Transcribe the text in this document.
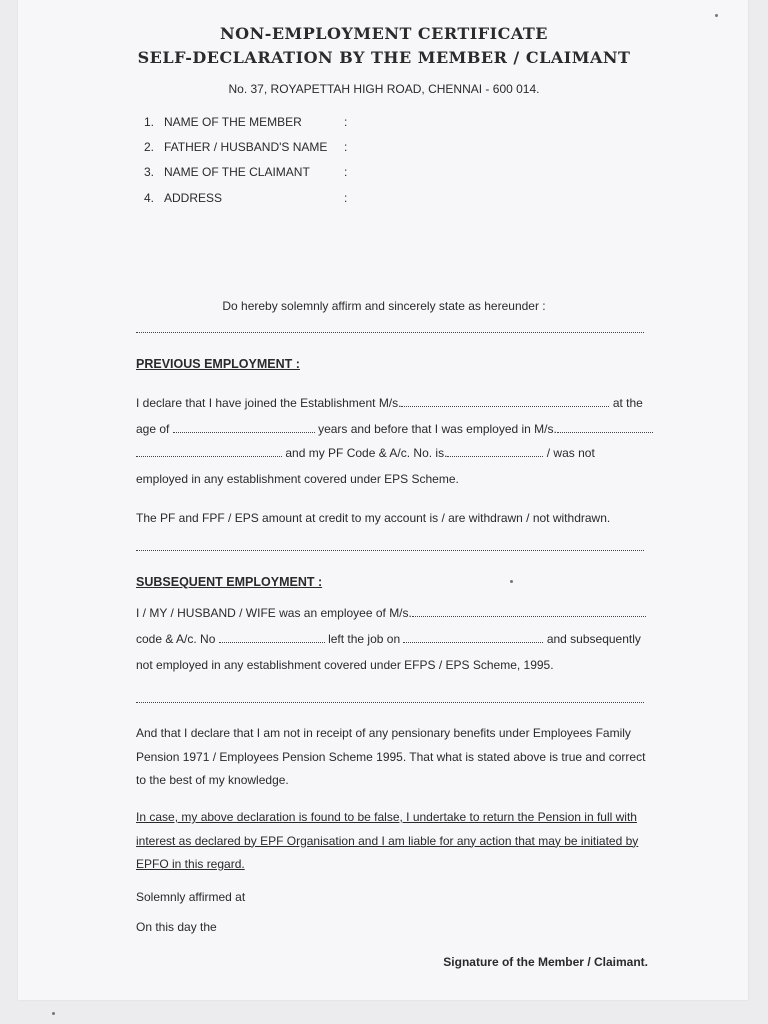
NON-EMPLOYMENT CERTIFICATE
SELF-DECLARATION BY THE MEMBER / CLAIMANT
No. 37, ROYAPETTAH HIGH ROAD, CHENNAI - 600 014.
1. NAME OF THE MEMBER	:
2. FATHER / HUSBAND'S NAME :
3. NAME OF THE CLAIMANT	:
4. ADDRESS	:
Do hereby solemnly affirm and sincerely state as hereunder :
PREVIOUS EMPLOYMENT :
I declare that I have joined the Establishment M/s.	at the
age of	years and before that I was employed in M/s.
and my PF Code & A/c. No. is.	/ was not
employed in any establishment covered under EPS Scheme.
The PF and FPF / EPS amount at credit to my account is / are withdrawn / not withdrawn.
SUBSEQUENT EMPLOYMENT :
I / MY / HUSBAND / WIFE was an employee of M/s.
code & A/c. No	left the job on	and subsequently
not employed in any establishment covered under EFPS / EPS Scheme, 1995.
And that I declare that I am not in receipt of any pensionary benefits under Employees Family Pension 1971 / Employees Pension Scheme 1995. That what is stated above is true and correct to the best of my knowledge.
In case, my above declaration is found to be false, I undertake to return the Pension in full with interest as declared by EPF Organisation and I am liable for any action that may be initiated by EPFO in this regard.
Solemnly affirmed at
On this day the
Signature of the Member / Claimant.
